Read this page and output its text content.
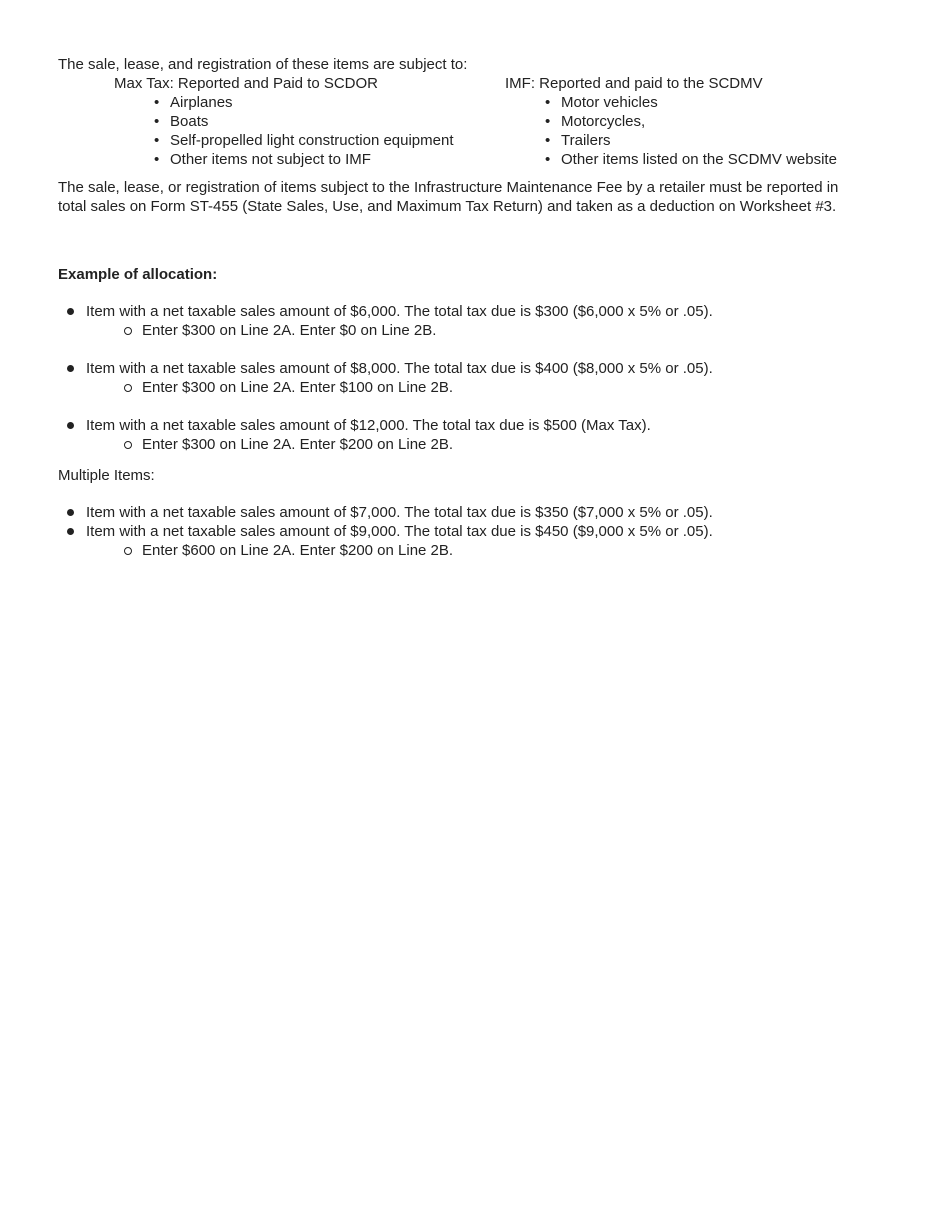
The sale, lease, and registration of these items are subject to:

Max Tax: Reported and Paid to SCDOR

• Airplanes
• Boats
• Self-propelled light construction equipment
• Other items not subject to IMF

IMF: Reported and paid to the SCDMV

• Motor vehicles
• Motorcycles,
• Trailers
• Other items listed on the SCDMV website
The sale, lease, or registration of items subject to the Infrastructure Maintenance Fee by a retailer must be reported in
total sales on Form ST-455 (State Sales, Use, and Maximum Tax Return) and taken as a deduction on Worksheet #3.

Example of allocation:

Item with a net taxable sales amount of $6,000. The total tax due is $300 ($6,000 x 5% or .05).
Enter $300 on Line 2A. Enter $0 on Line 2B.
Item with a net taxable sales amount of $8,000. The total tax due is $400 ($8,000 x 5% or .05).
Enter $300 on Line 2A. Enter $100 on Line 2B.
Item with a net taxable sales amount of $12,000. The total tax due is $500 (Max Tax).
Enter $300 on Line 2A. Enter $200 on Line 2B.

Multiple Items:

Item with a net taxable sales amount of $7,000. The total tax due is $350 ($7,000 x 5% or .05).
Item with a net taxable sales amount of $9,000. The total tax due is $450 ($9,000 x 5% or .05).
Enter $600 on Line 2A. Enter $200 on Line 2B.
